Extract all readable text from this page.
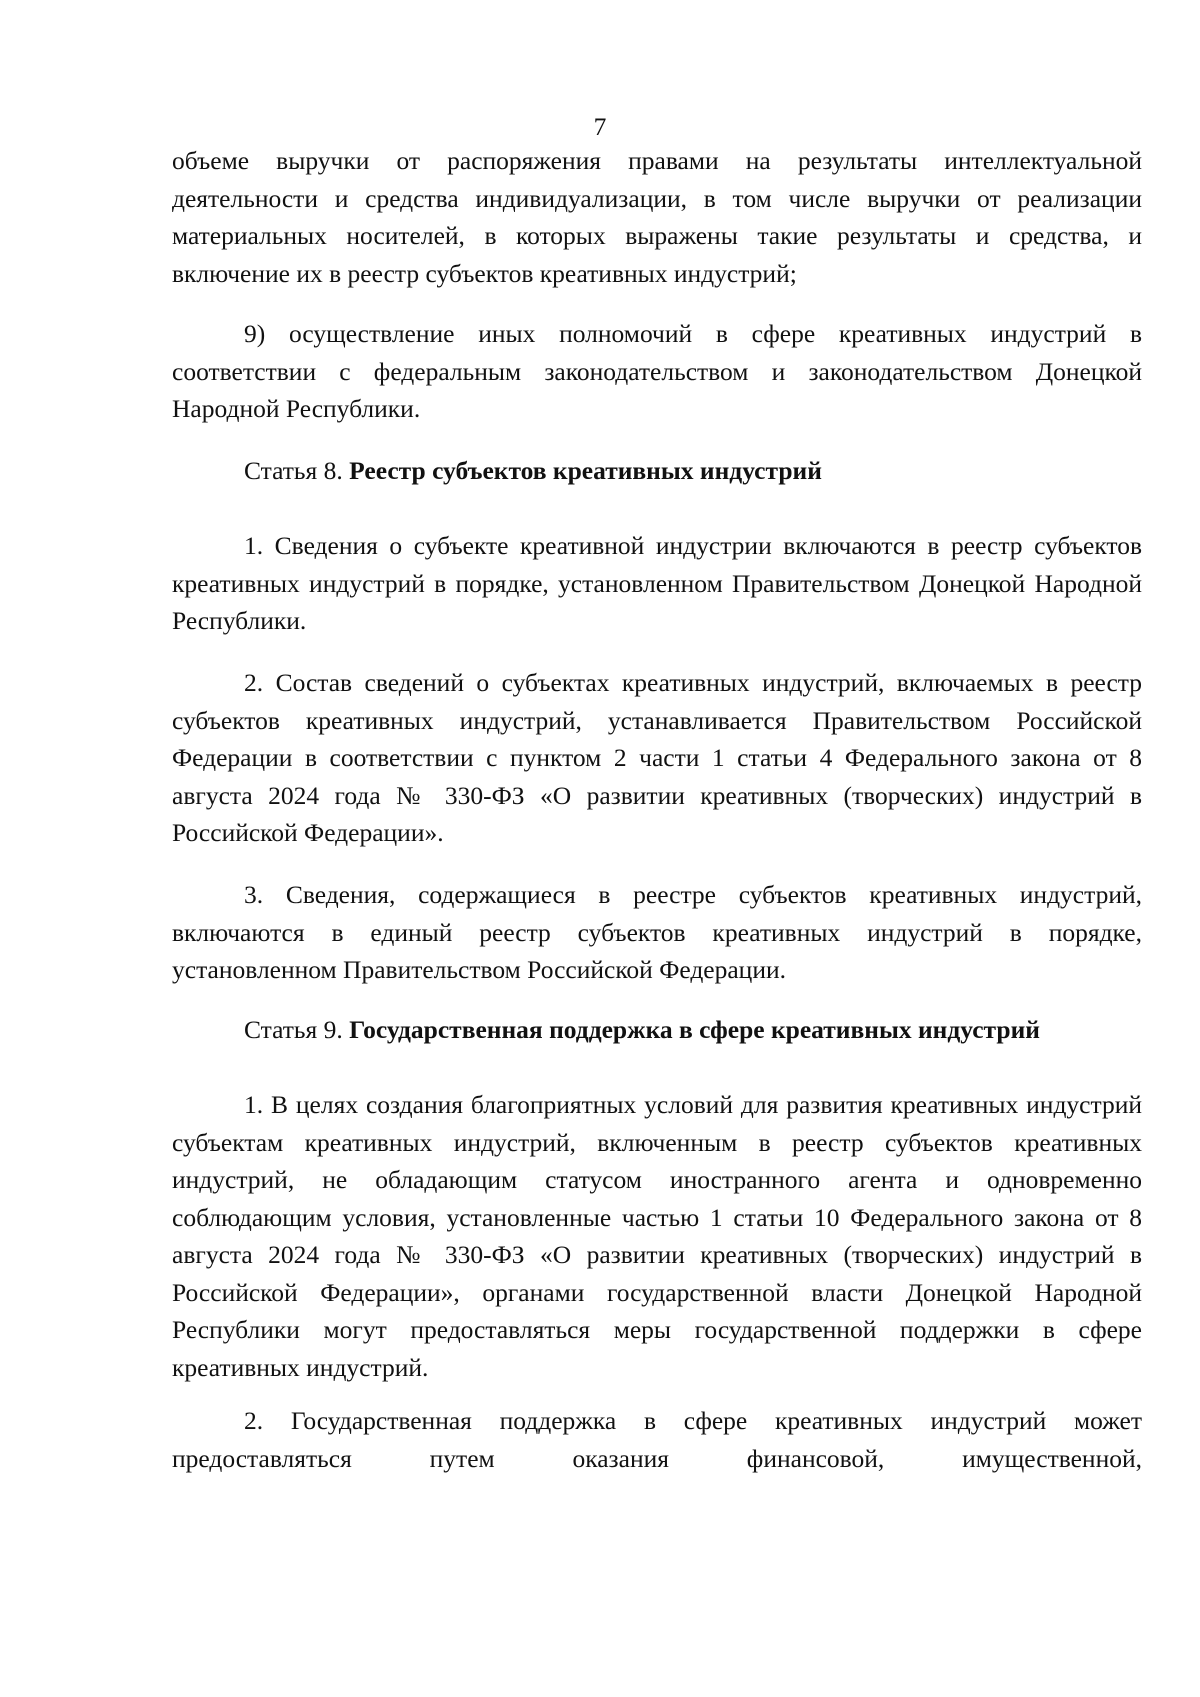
7

объеме выручки от распоряжения правами на результаты интеллектуальной деятельности и средства индивидуализации, в том числе выручки от реализации материальных носителей, в которых выражены такие результаты и средства, и включение их в реестр субъектов креативных индустрий;

9) осуществление иных полномочий в сфере креативных индустрий в соответствии с федеральным законодательством и законодательством Донецкой Народной Республики.

Статья 8. Реестр субъектов креативных индустрий

1. Сведения о субъекте креативной индустрии включаются в реестр субъектов креативных индустрий в порядке, установленном Правительством Донецкой Народной Республики.

2. Состав сведений о субъектах креативных индустрий, включаемых в реестр субъектов креативных индустрий, устанавливается Правительством Российской Федерации в соответствии с пунктом 2 части 1 статьи 4 Федерального закона от 8 августа 2024 года № 330-ФЗ «О развитии креативных (творческих) индустрий в Российской Федерации».

3. Сведения, содержащиеся в реестре субъектов креативных индустрий, включаются в единый реестр субъектов креативных индустрий в порядке, установленном Правительством Российской Федерации.

Статья 9. Государственная поддержка в сфере креативных индустрий

1. В целях создания благоприятных условий для развития креативных индустрий субъектам креативных индустрий, включенным в реестр субъектов креативных индустрий, не обладающим статусом иностранного агента и одновременно соблюдающим условия, установленные частью 1 статьи 10 Федерального закона от 8 августа 2024 года № 330-ФЗ «О развитии креативных (творческих) индустрий в Российской Федерации», органами государственной власти Донецкой Народной Республики могут предоставляться меры государственной поддержки в сфере креативных индустрий.

2. Государственная поддержка в сфере креативных индустрий может предоставляться путем оказания финансовой, имущественной,
